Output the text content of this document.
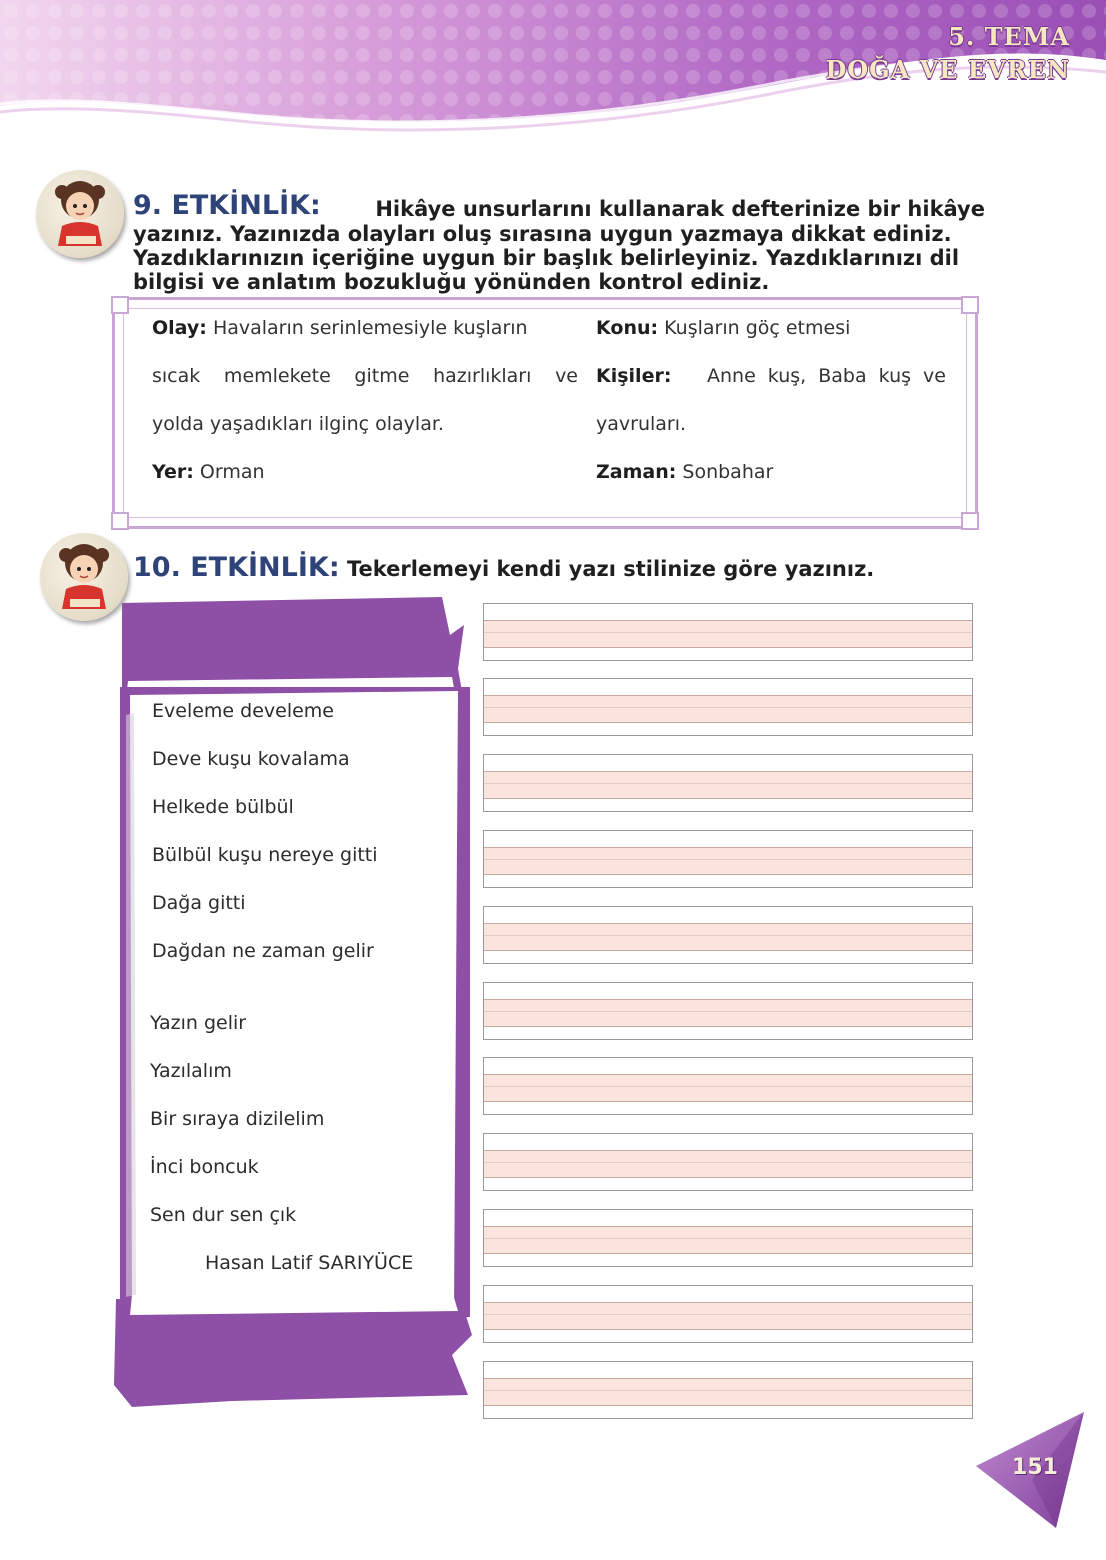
5. TEMA
DOĞA VE EVREN
9. ETKİNLİK:	Hikâye unsurlarını kullanarak defterinize bir hikâye
yazınız. Yazınızda olayları oluş sırasına uygun yazmaya dikkat ediniz.
Yazdıklarınızın içeriğine uygun bir başlık belirleyiniz. Yazdıklarınızı dil
bilgisi ve anlatım bozukluğu yönünden kontrol ediniz.
Olay: Havaların serinlemesiyle kuşların
sıcak memlekete gitme hazırlıkları ve
yolda yaşadıkları ilginç olaylar.
Yer: Orman
Konu: Kuşların göç etmesi
Kişiler: Anne kuş, Baba kuş ve
yavruları.
Zaman: Sonbahar
10. ETKİNLİK: Tekerlemeyi kendi yazı stilinize göre yazınız.
Eveleme develeme
Deve kuşu kovalama
Helkede bülbül
Bülbül kuşu nereye gitti
Dağa gitti
Dağdan ne zaman gelir
Yazın gelir
Yazılalım
Bir sıraya dizilelim
İnci boncuk
Sen dur sen çık
Hasan Latif SARIYÜCE
151
